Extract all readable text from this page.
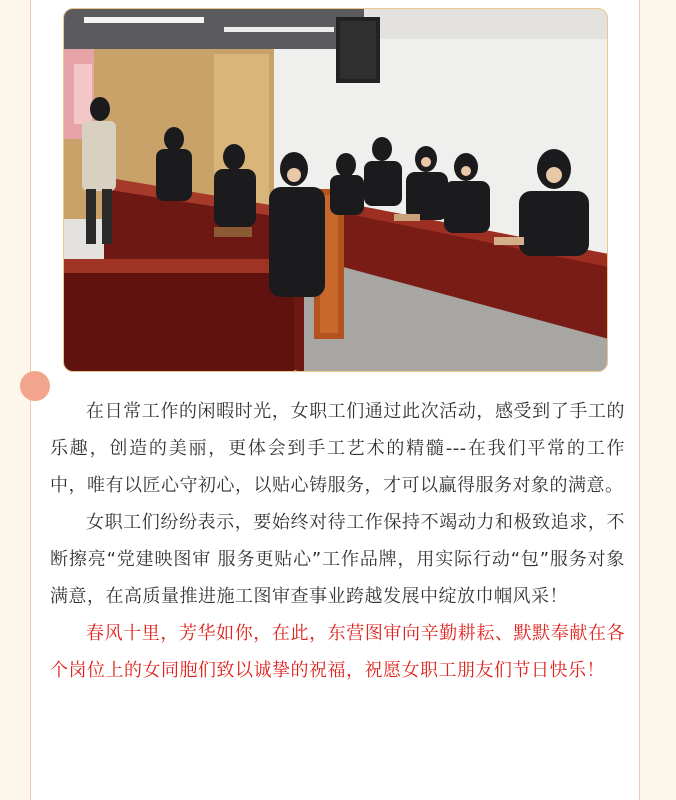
在日常工作的闲暇时光，女职工们通过此次活动，感受到了手工的乐趣，创造的美丽，更体会到手工艺术的精髓---在我们平常的工作中，唯有以匠心守初心，以贴心铸服务，才可以赢得服务对象的满意。

女职工们纷纷表示，要始终对待工作保持不竭动力和极致追求，不断擦亮“党建映图审 服务更贴心”工作品牌，用实际行动“包”服务对象满意，在高质量推进施工图审查事业跨越发展中绽放巾帼风采！

春风十里，芳华如你，在此，东营图审向辛勤耕耘、默默奉献在各个岗位上的女同胞们致以诚挚的祝福，祝愿女职工朋友们节日快乐！
